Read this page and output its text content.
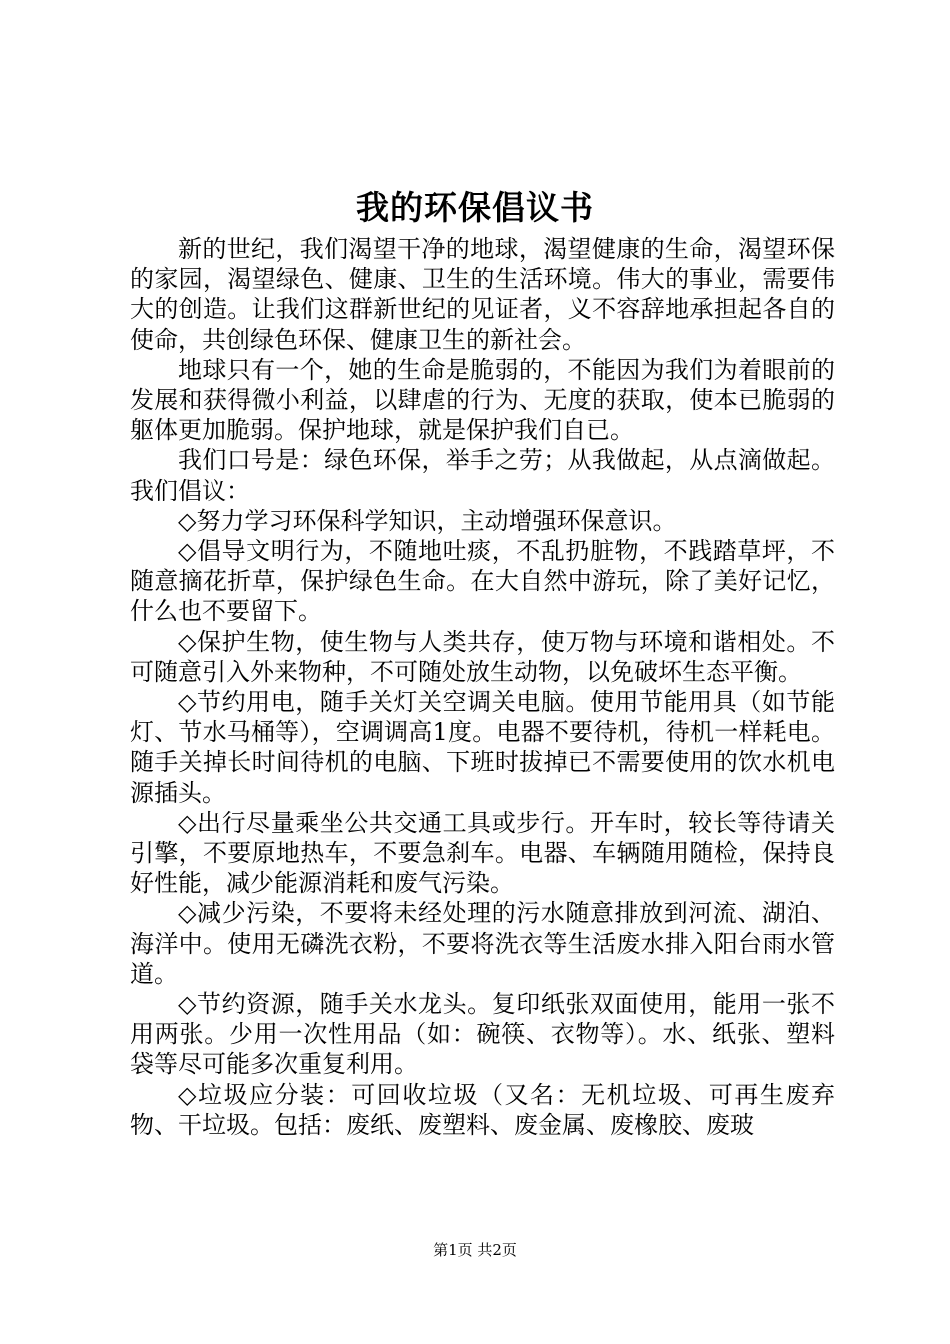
我的环保倡议书

新的世纪，我们渴望干净的地球，渴望健康的生命，渴望环保的家园，渴望绿色、健康、卫生的生活环境。伟大的事业，需要伟大的创造。让我们这群新世纪的见证者，义不容辞地承担起各自的使命，共创绿色环保、健康卫生的新社会。

地球只有一个，她的生命是脆弱的，不能因为我们为着眼前的发展和获得微小利益，以肆虐的行为、无度的获取，使本已脆弱的躯体更加脆弱。保护地球，就是保护我们自已。

我们口号是：绿色环保，举手之劳；从我做起，从点滴做起。我们倡议：

◇努力学习环保科学知识，主动增强环保意识。

◇倡导文明行为，不随地吐痰，不乱扔脏物，不践踏草坪，不随意摘花折草，保护绿色生命。在大自然中游玩，除了美好记忆，什么也不要留下。

◇保护生物，使生物与人类共存，使万物与环境和谐相处。不可随意引入外来物种，不可随处放生动物，以免破坏生态平衡。

◇节约用电，随手关灯关空调关电脑。使用节能用具（如节能灯、节水马桶等），空调调高1度。电器不要待机，待机一样耗电。随手关掉长时间待机的电脑、下班时拔掉已不需要使用的饮水机电源插头。

◇出行尽量乘坐公共交通工具或步行。开车时，较长等待请关引擎，不要原地热车，不要急刹车。电器、车辆随用随检，保持良好性能，减少能源消耗和废气污染。

◇减少污染，不要将未经处理的污水随意排放到河流、湖泊、海洋中。使用无磷洗衣粉，不要将洗衣等生活废水排入阳台雨水管道。

◇节约资源，随手关水龙头。复印纸张双面使用，能用一张不用两张。少用一次性用品（如：碗筷、衣物等）。水、纸张、塑料袋等尽可能多次重复利用。

◇垃圾应分装：可回收垃圾（又名：无机垃圾、可再生废弃物、干垃圾。包括：废纸、废塑料、废金属、废橡胶、废玻

第1页 共2页
